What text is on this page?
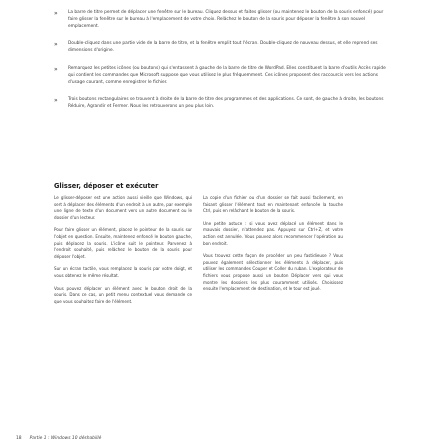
»	La barre de titre permet de déplacer une fenêtre sur le bureau. Cliquez dessus et faites glisser (ou maintenez le bouton de la souris enfoncé) pour faire glisser la fenêtre sur le bureau à l'emplacement de votre choix. Relâchez le bouton de la souris pour déposer la fenêtre à son nouvel emplacement.
»	Double-cliquez dans une partie vide de la barre de titre, et la fenêtre emplit tout l'écran. Double-cliquez de nouveau dessus, et elle reprend ses dimensions d'origine.
»	Remarquez les petites icônes (ou boutons) qui s'entassent à gauche de la barre de titre de WordPad. Elles constituent la barre d'outils Accès rapide qui contient les commandes que Microsoft suppose que vous utilisez le plus fréquemment. Ces icônes proposent des raccourcis vers les actions d'usage courant, comme enregistrer le fichier.
»	Trois boutons rectangulaires se trouvent à droite de la barre de titre des programmes et des applications. Ce sont, de gauche à droite, les boutons Réduire, Agrandir et Fermer. Nous les retrouverons un peu plus loin.
Glisser, déposer et exécuter

Le glisser-déposer est une action aussi vieille que Windows, qui sert à déplacer des éléments d'un endroit à un autre, par exemple une ligne de texte d'un document vers un autre document ou le dossier d'un lecteur.

Pour faire glisser un élément, placez le pointeur de la souris sur l'objet en question. Ensuite, maintenez enfoncé le bouton gauche, puis déplacez la souris. L'icône suit le pointeur. Parvenez à l'endroit souhaité, puis relâchez le bouton de la souris pour déposer l'objet.

Sur un écran tactile, vous remplacez la souris par votre doigt, et vous obtenez le même résultat.

Vous pouvez déplacer un élément avec le bouton droit de la souris. Dans ce cas, un petit menu contextuel vous demande ce que vous souhaitez faire de l'élément.

La copie d'un fichier ou d'un dossier se fait aussi facilement, en faisant glisser l'élément tout en maintenant enfoncée la touche Ctrl, puis en relâchant le bouton de la souris.

Une petite astuce : si vous avez déplacé un élément dans le mauvais dossier, n'attendez pas. Appuyez sur Ctrl+Z, et votre action est annulée. Vous pouvez alors recommencer l'opération au bon endroit.

Vous trouvez cette façon de procéder un peu fastidieuse ? Vous pouvez également sélectionner les éléments à déplacer, puis utiliser les commandes Couper et Coller du ruban. L'explorateur de fichiers vous propose aussi un bouton Déplacer vers qui vous montre les dossiers les plus couramment utilisés. Choisissez ensuite l'emplacement de destination, et le tour est joué.

18 Partie 1 : Windows 10 déshabillé
